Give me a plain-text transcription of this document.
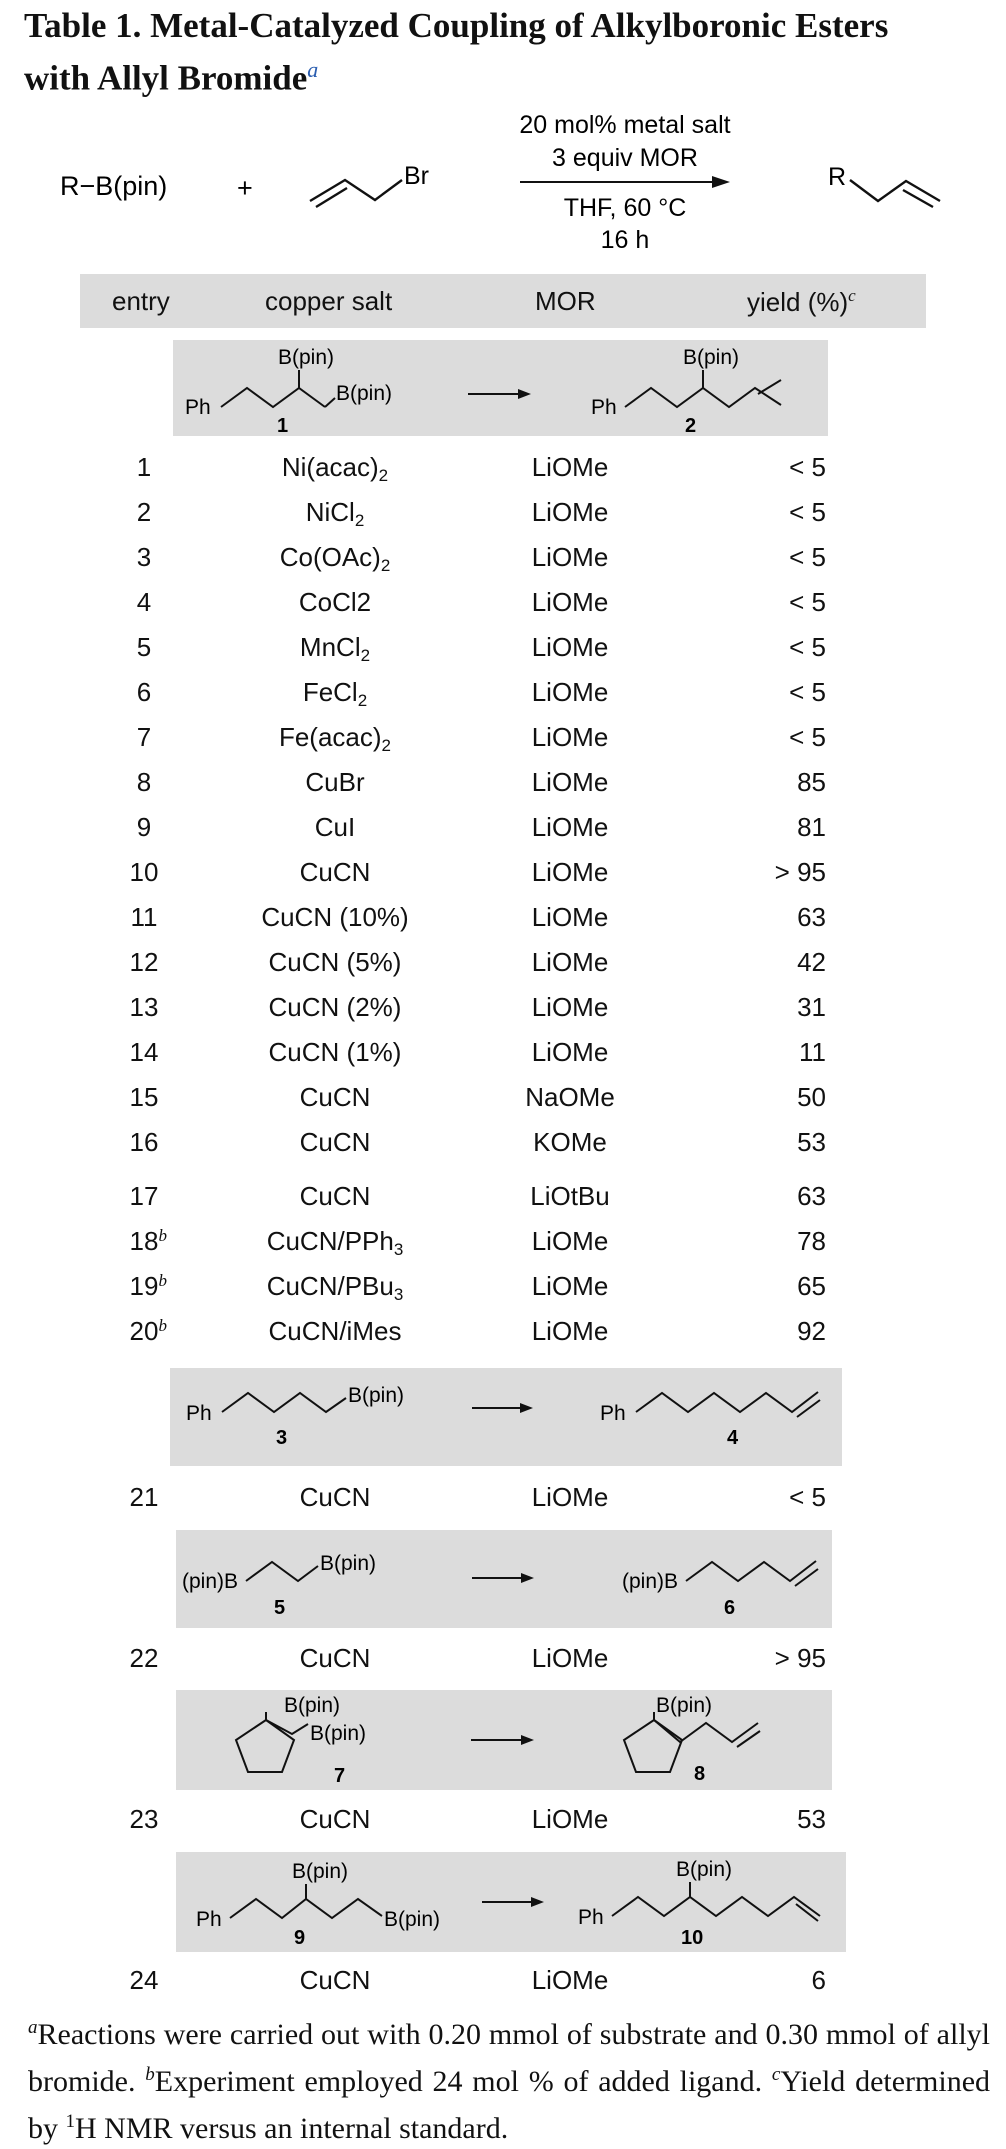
Table 1. Metal-Catalyzed Coupling of Alkylboronic Esters
with Allyl Bromide$^a$
R−B(pin)	+	Br
20 mol% metal salt
3 equiv MOR
THF, 60 °C
16 h
R
entry	copper salt	MOR	yield (%)$^c$
Ph
B(pin)
B(pin)
1
Ph
B(pin)
2
1	$Ni(acac)_2$	LiOMe	< 5
2	NiCl$_2$	LiOMe	< 5
3	$Co(OAc)_2$	LiOMe	< 5
4	CoCl2	LiOMe	< 5
5	MnCl$_2$	LiOMe	< 5
6	FeCl$_2$	LiOMe	< 5
7	$Fe(acac)_2$	LiOMe	< 5
8	CuBr	LiOMe	85
9	CuI	LiOMe	81
10	CuCN	LiOMe	> 95
11	CuCN (10%)	LiOMe	63
12	CuCN (5%)	LiOMe	42
13	CuCN (2%)	LiOMe	31
14	CuCN (1%)	LiOMe	11
15	CuCN	NaOMe	50
16	CuCN	KOMe	53
17	CuCN	LiOtBu	63
18 b	CuCN/PPh$_3$	LiOMe	78
19 b	CuCN/PBu$_3$	LiOMe	65
20 b	CuCN/iMes	LiOMe	92
Ph
B(pin)
3
Ph
4
21	CuCN	LiOMe	< 5
(pin)B
B(pin)
5
(pin)B
6
22	CuCN	LiOMe	> 95
B(pin)
B(pin)
7
B(pin)
8
23	CuCN	LiOMe	53
Ph
B(pin)
B(pin)
9
Ph
B(pin)
10
24	CuCN	LiOMe	6
$^a$Reactions were carried out with 0.20 mmol of substrate and 0.30 mmol of allyl bromide. $^b$Experiment employed 24 mol % of added ligand. $^c$Yield determined by $^1$H NMR versus an internal standard.
